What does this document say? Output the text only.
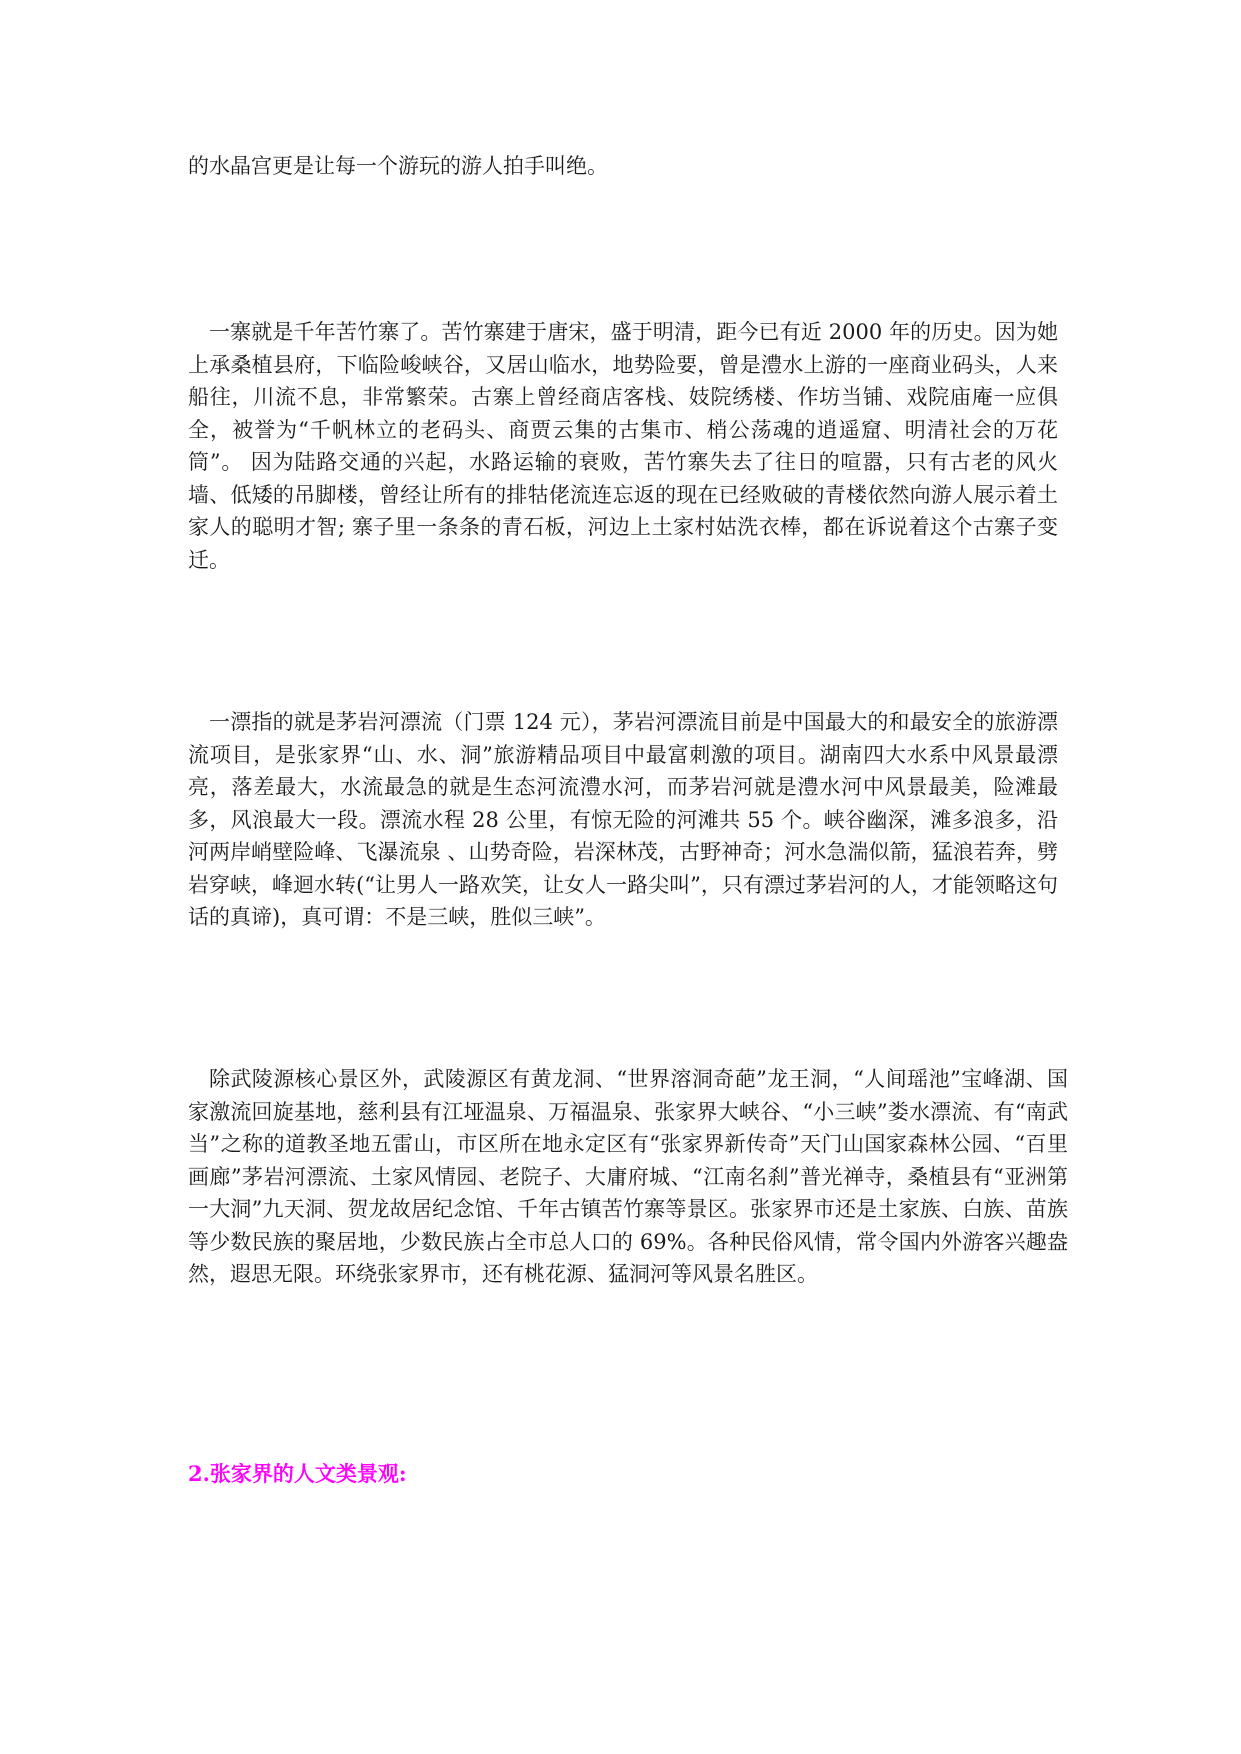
的水晶宫更是让每一个游玩的游人拍手叫绝。

一寨就是千年苦竹寨了。苦竹寨建于唐宋，盛于明清，距今已有近 2000 年的历史。因为她上承桑植县府，下临险峻峡谷，又居山临水，地势险要，曾是澧水上游的一座商业码头，人来船往，川流不息，非常繁荣。古寨上曾经商店客栈、妓院绣楼、作坊当铺、戏院庙庵一应俱全，被誉为“千帆林立的老码头、商贾云集的古集市、梢公荡魂的逍遥窟、明清社会的万花筒”。 因为陆路交通的兴起，水路运输的衰败，苦竹寨失去了往日的喧嚣，只有古老的风火墙、低矮的吊脚楼，曾经让所有的排牯佬流连忘返的现在已经败破的青楼依然向游人展示着土家人的聪明才智; 寨子里一条条的青石板，河边上土家村姑洗衣棒，都在诉说着这个古寨子变迁。

一漂指的就是茅岩河漂流（门票 124 元），茅岩河漂流目前是中国最大的和最安全的旅游漂流项目，是张家界“山、水、洞”旅游精品项目中最富刺激的项目。湖南四大水系中风景最漂亮，落差最大，水流最急的就是生态河流澧水河，而茅岩河就是澧水河中风景最美，险滩最多，风浪最大一段。漂流水程 28 公里，有惊无险的河滩共 55 个。峡谷幽深，滩多浪多，沿河两岸峭壁险峰、飞瀑流泉 、山势奇险，岩深林茂，古野神奇；河水急湍似箭，猛浪若奔，劈岩穿峡，峰迴水转(“让男人一路欢笑，让女人一路尖叫”，只有漂过茅岩河的人，才能领略这句话的真谛)，真可谓：不是三峡，胜似三峡”。

除武陵源核心景区外，武陵源区有黄龙洞、“世界溶洞奇葩”龙王洞，“人间瑶池”宝峰湖、国家激流回旋基地，慈利县有江垭温泉、万福温泉、张家界大峡谷、“小三峡”娄水漂流、有“南武当”之称的道教圣地五雷山，市区所在地永定区有“张家界新传奇”天门山国家森林公园、“百里画廊”茅岩河漂流、土家风情园、老院子、大庸府城、“江南名刹”普光禅寺，桑植县有“亚洲第一大洞”九天洞、贺龙故居纪念馆、千年古镇苦竹寨等景区。张家界市还是土家族、白族、苗族等少数民族的聚居地，少数民族占全市总人口的 69%。各种民俗风情，常令国内外游客兴趣盎然，遐思无限。环绕张家界市，还有桃花源、猛洞河等风景名胜区。

2.张家界的人文类景观:
